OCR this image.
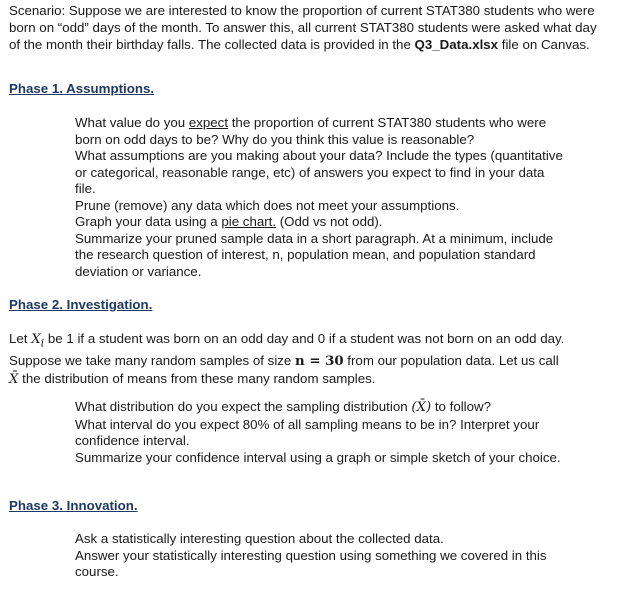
Scenario: Suppose we are interested to know the proportion of current STAT380 students who were born on “odd” days of the month. To answer this, all current STAT380 students were asked what day of the month their birthday falls. The collected data is provided in the Q3_Data.xlsx file on Canvas.

Phase 1. Assumptions.
What value do you expect the proportion of current STAT380 students who were born on odd days to be? Why do you think this value is reasonable?
What assumptions are you making about your data? Include the types (quantitative or categorical, reasonable range, etc) of answers you expect to find in your data file.
Prune (remove) any data which does not meet your assumptions.
Graph your data using a pie chart. (Odd vs not odd).
Summarize your pruned sample data in a short paragraph. At a minimum, include the research question of interest, n, population mean, and population standard deviation or variance.
Phase 2. Investigation.

Let $X_i$ be 1 if a student was born on an odd day and 0 if a student was not born on an odd day. Suppose we take many random samples of size n = 30 from our population data. Let us call X̄ the distribution of means from these many random samples.

What distribution do you expect the sampling distribution (X̄) to follow?
What interval do you expect 80% of all sampling means to be in? Interpret your confidence interval.
Summarize your confidence interval using a graph or simple sketch of your choice.
Phase 3. Innovation.
Ask a statistically interesting question about the collected data.
Answer your statistically interesting question using something we covered in this course.
